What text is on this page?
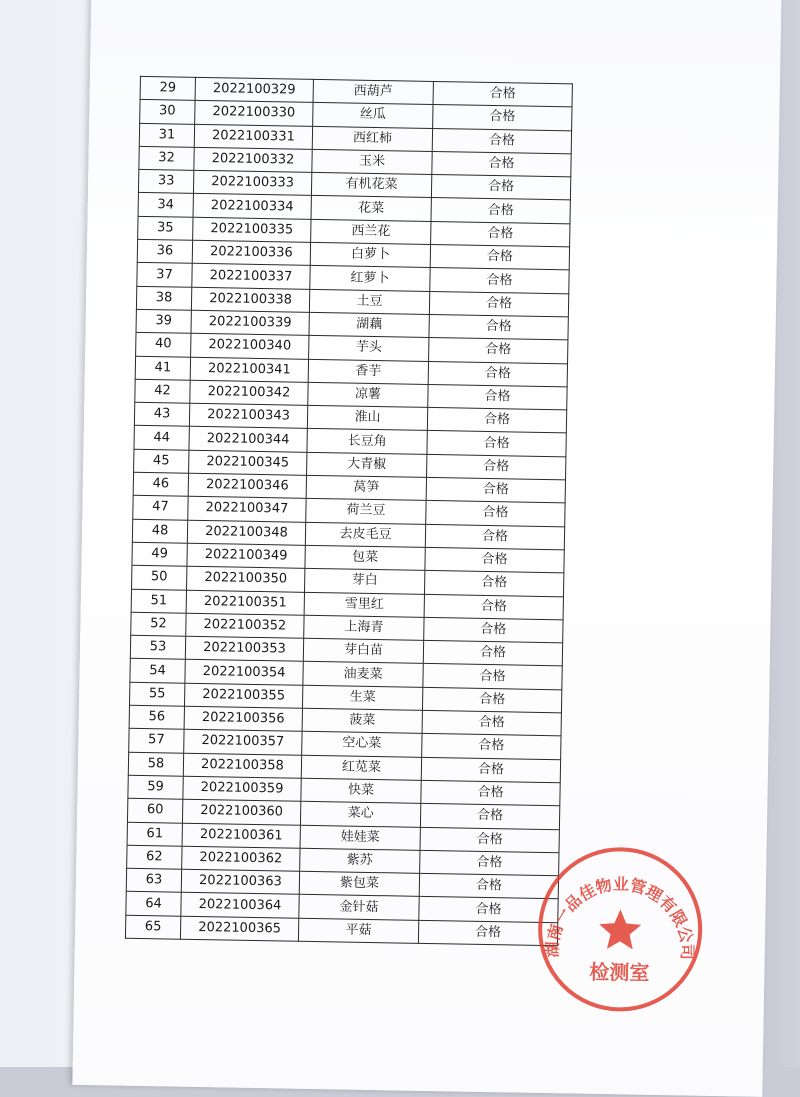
29	2022100329	西葫芦	合格
30	2022100330	丝瓜	合格
31	2022100331	西红柿	合格
32	2022100332	玉米	合格
33	2022100333	有机花菜	合格
34	2022100334	花菜	合格
35	2022100335	西兰花	合格
36	2022100336	白萝卜	合格
37	2022100337	红萝卜	合格
38	2022100338	土豆	合格
39	2022100339	湖藕	合格
40	2022100340	芋头	合格
41	2022100341	香芋	合格
42	2022100342	凉薯	合格
43	2022100343	淮山	合格
44	2022100344	长豆角	合格
45	2022100345	大青椒	合格
46	2022100346	莴笋	合格
47	2022100347	荷兰豆	合格
48	2022100348	去皮毛豆	合格
49	2022100349	包菜	合格
50	2022100350	芽白	合格
51	2022100351	雪里红	合格
52	2022100352	上海青	合格
53	2022100353	芽白苗	合格
54	2022100354	油麦菜	合格
55	2022100355	生菜	合格
56	2022100356	菠菜	合格
57	2022100357	空心菜	合格
58	2022100358	红苋菜	合格
59	2022100359	快菜	合格
60	2022100360	菜心	合格
61	2022100361	娃娃菜	合格
62	2022100362	紫苏	合格
63	2022100363	紫包菜	合格
64	2022100364	金针菇	合格
65	2022100365	平菇	合格
湖南一品佳物业管理有限公司
检测室
